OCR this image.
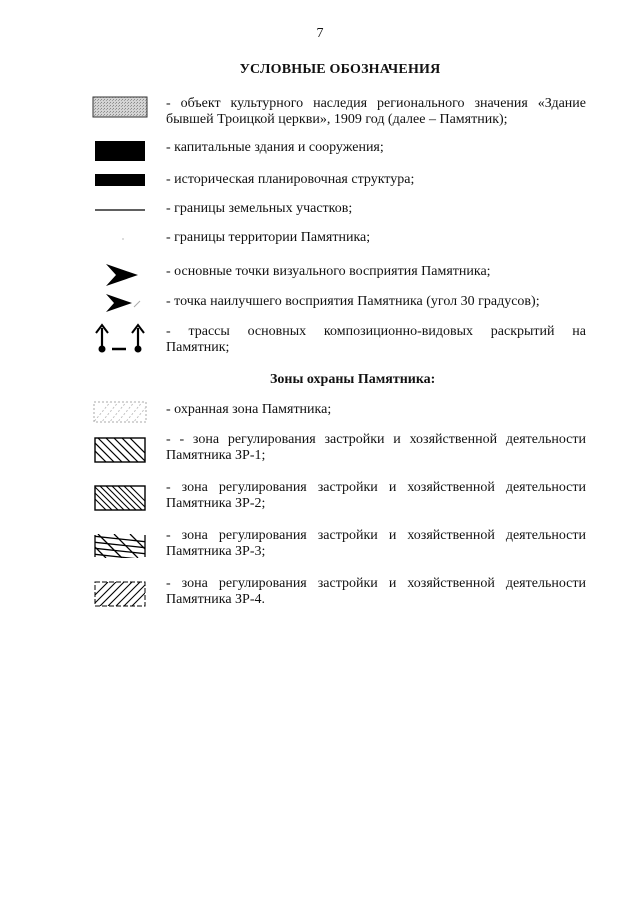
7
УСЛОВНЫЕ ОБОЗНАЧЕНИЯ
- объект культурного наследия регионального значения «Здание
бывшей Троицкой церкви», 1909 год (далее – Памятник);
- капитальные здания и сооружения;
- историческая планировочная структура;
- границы земельных участков;
- границы территории Памятника;
- основные точки визуального восприятия Памятника;
- точка наилучшего восприятия Памятника (угол 30 градусов);
- трассы основных композиционно-видовых раскрытий на
Памятник;
Зоны охраны Памятника:
- охранная зона Памятника;
- - зона регулирования застройки и хозяйственной деятельности
Памятника ЗР-1;
- зона регулирования застройки и хозяйственной деятельности
Памятника ЗР-2;
- зона регулирования застройки и хозяйственной деятельности
Памятника ЗР-3;
- зона регулирования застройки и хозяйственной деятельности
Памятника ЗР-4.
